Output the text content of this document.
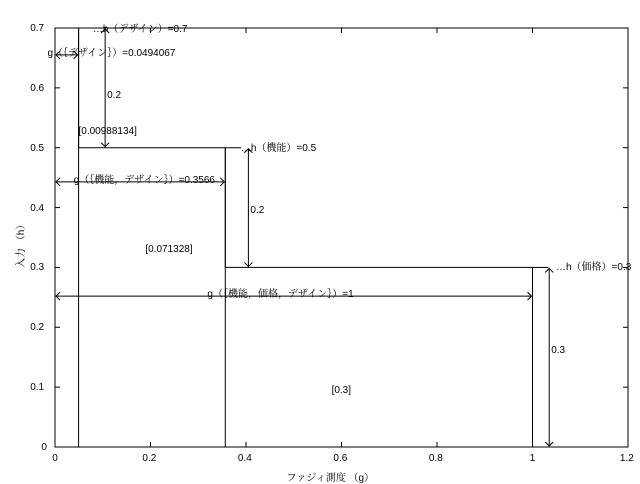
0	0.2	0.4	0.6	0.8	1	1.2
0
0.1
0.2
0.3
0.4
0.5
0.6
0.7
ファジィ測度 （g）
入力 （h）
…h（デザイン）=0.7
g（｛デザイン｝）=0.0494067
0.2
[0.00988134]
…h（機能）=0.5
g（｛機能，デザイン｝）=0.3566
0.2
[0.071328]
…h（価格）=0.3
g（｛機能，価格，デザイン｝）=1
0.3
[0.3]
